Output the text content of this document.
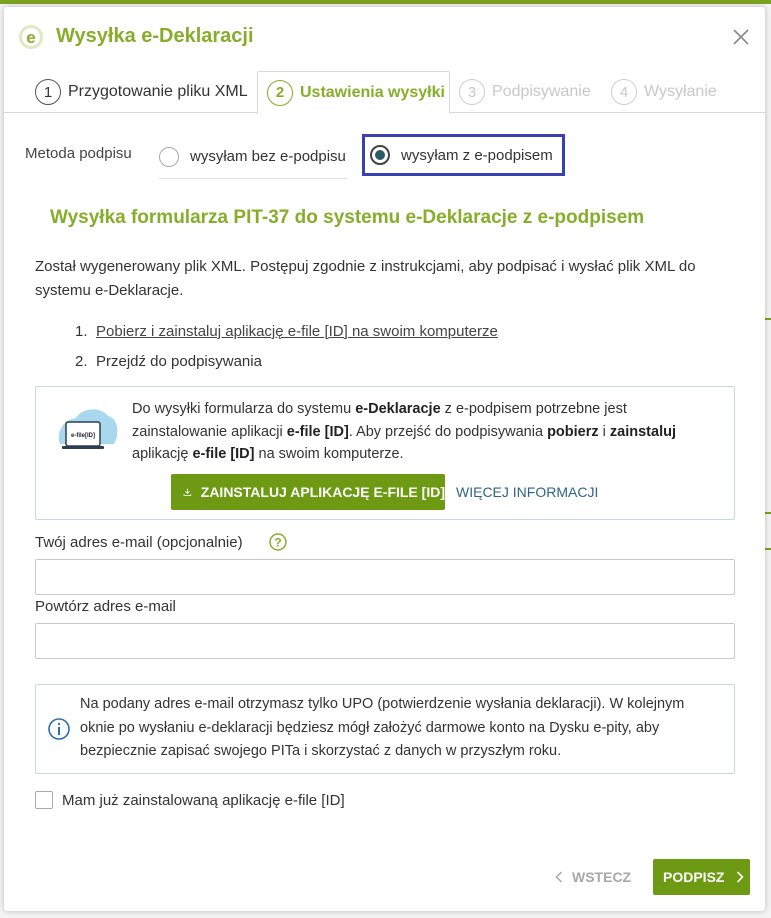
e Wysyłka e-Deklaracji
1 Przygotowanie pliku XML	2 Ustawienia wysyłki	3 Podpisywanie	4 Wysyłanie
Metoda podpisu	wysyłam bez e-podpisu	wysyłam z e-podpisem
Wysyłka formularza PIT-37 do systemu e-Deklaracje z e-podpisem
Został wygenerowany plik XML. Postępuj zgodnie z instrukcjami, aby podpisać i wysłać plik XML do systemu e-Deklaracje.
1. Pobierz i zainstaluj aplikację e-file [ID] na swoim komputerze
2. Przejdź do podpisywania
e-file[ID]
Do wysyłki formularza do systemu e-Deklaracje z e-podpisem potrzebne jest zainstalowanie aplikacji e-file [ID]. Aby przejść do podpisywania pobierz i zainstaluj aplikację e-file [ID] na swoim komputerze.
ZAINSTALUJ APLIKACJĘ E-FILE [ID] WIĘCEJ INFORMACJI
Twój adres e-mail (opcjonalnie)	?
Powtórz adres e-mail
Na podany adres e-mail otrzymasz tylko UPO (potwierdzenie wysłania deklaracji). W kolejnym oknie po wysłaniu e-deklaracji będziesz mógł założyć darmowe konto na Dysku e-pity, aby bezpiecznie zapisać swojego PITa i skorzystać z danych w przyszłym roku.
Mam już zainstalowaną aplikację e-file [ID]
WSTECZ PODPISZ
